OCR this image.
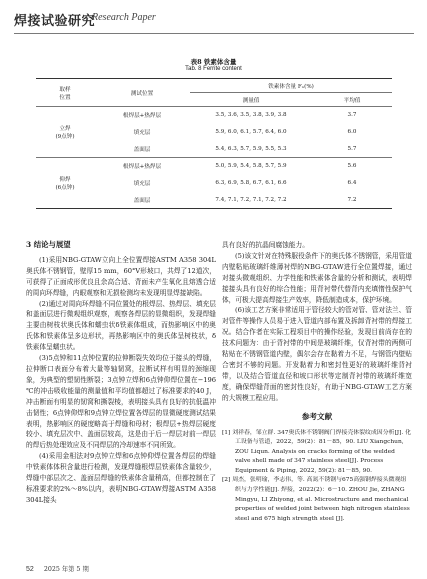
焊接试验研究
Research Paper
表8 铁素体含量
Tab. 8 Ferrite content
取样
位置	测试位置	铁素体含量 Fₙ(%)	
		测量值	平均值
立焊
(9点钟)	根焊层+热焊层	3.5, 3.6, 3.5, 3.8, 3.9, 3.8	3.7
	填充层	5.9, 6.0, 6.1, 5.7, 6.4, 6.0	6.0
	盖面层	5.4, 6.3, 5.7, 5.9, 5.5, 5.3	5.7
仰焊
(6点钟)	根焊层+热焊层	5.0, 5.9, 5.4, 5.8, 5.7, 5.9	5.6
	填充层	6.3, 6.9, 5.8, 6.7, 6.1, 6.6	6.4
	盖面层	7.4, 7.1, 7.2, 7.1, 7.2, 7.2	7.2
3 结论与展望

(1)采用NBG-GTAW立向上全位置焊接ASTM A358 304L奥氏体不锈钢管，壁厚15 mm，60°V形坡口，共焊了12道次，可获得了正面成形优良且余高合适、背面未产生氧化且熔透合适的周向环焊缝，内眼观察和无损检测均未发现明显焊接缺陷。

(2)通过对周向环焊缝不同位置处的根焊层、热焊层、填充层和盖面层进行微观组织观察，观察各焊层的显微组织，发现焊缝主要由树枝状奥氏体和蠕虫状δ铁素体组成，而热影响区中的奥氏体和铁素体呈多边形状，再热影响区中的奥氏体呈树枝状，δ铁素体呈蠕虫状。

(3)5点钟和11点钟位置的拉伸断裂失效均位于接头的焊缝，拉伸断口表面分布着大量等轴韧窝，拉断试样有明显的颈缩现象，为典型的塑韧性断裂；3点钟立焊和6点钟仰焊位置在−196 ℃的冲击吸收能量的测量值和平均值都超过了标准要求的40 J，冲击断面有明显的韧窝和撕裂棱，表明接头具有良好的抗低温冲击韧性；6点钟仰焊和9点钟立焊位置各焊层的显微硬度测试结果表明，热影响区的硬度略高于焊缝和母材；根焊层+热焊层硬度较小、填充层次中、盖面层较高，这是由于后一焊层对前一焊层的焊后热处理效应及不同焊层的冷却速率不同所致。

(4)采用金相法对9点钟立焊和6点钟仰焊位置各焊层的焊缝中铁素体体积含量进行检测，发现焊缝根焊层铁素体含量较少，焊缝中部层次之、盖面层焊缝的铁素体含量稍高，但都控制在了标准要求的2%～8%以内，表明NBG-GTAW焊接ASTM A358 304L接头

具有良好的抗晶间腐蚀能力。

(5)该文针对在特殊服役条件下的奥氏体不锈钢管，采用管道内壁粘贴玻璃纤维薄衬焊的NBG-GTAW进行全位置焊接，通过对接头微观组织、力学性能和铁素体含量的分析和测试，表明焊接接头具有良好的综合性能；用背衬带代替背内充填惰性保护气体，可极大提高焊接生产效率，降低制造成本，保护环境。

(6)该工艺方案非常适用于管径较大的管对管、管对法兰、管对管件等操作人员易于进入管道内部布置及拆卸背衬带的焊接工况。结合作者在实际工程项目中的操作经验，发现目前尚存在的技术问题为：由于背衬带的中间是玻璃纤维，仅背衬带的两侧可粘贴在不锈钢管道内壁，偶尔会存在黏着力不足，与钢管内壁贴合密封不够的问题。开发黏着力和密封性更好的玻璃纤维背衬带，以及结合管道直径和坡口形状等定制背衬带的玻璃纤维宽度，确保焊缝背面的密封性良好，有助于NBG-GTAW工艺方案的大规模工程应用。

参考文献

[1] 刘祥春，邹立群. 347奥氏体不锈钢阀门焊接壳体裂纹成因分析[J]. 化工设备与管道，2022，59(2)：81－85，90. LIU Xiangchun, ZOU Liqun. Analysis on cracks forming of the welded valve shell made of 347 stainless steel[J]. Process Equipment & Piping, 2022, 59(2): 81－85, 90.

[2] 周杰，张明瑜，李志伟，等. 高氮不锈钢与675高强钢焊接头微观组织与力学性能[J]. 焊接，2022(2)：6－10. ZHOU Jie, ZHANG Mingyu, LI Zhiyong, et al. Microstructure and mechanical properties of welded joint between high nitrogen stainless steel and 675 high strength steel [J].

52 2025 年第 5 期
